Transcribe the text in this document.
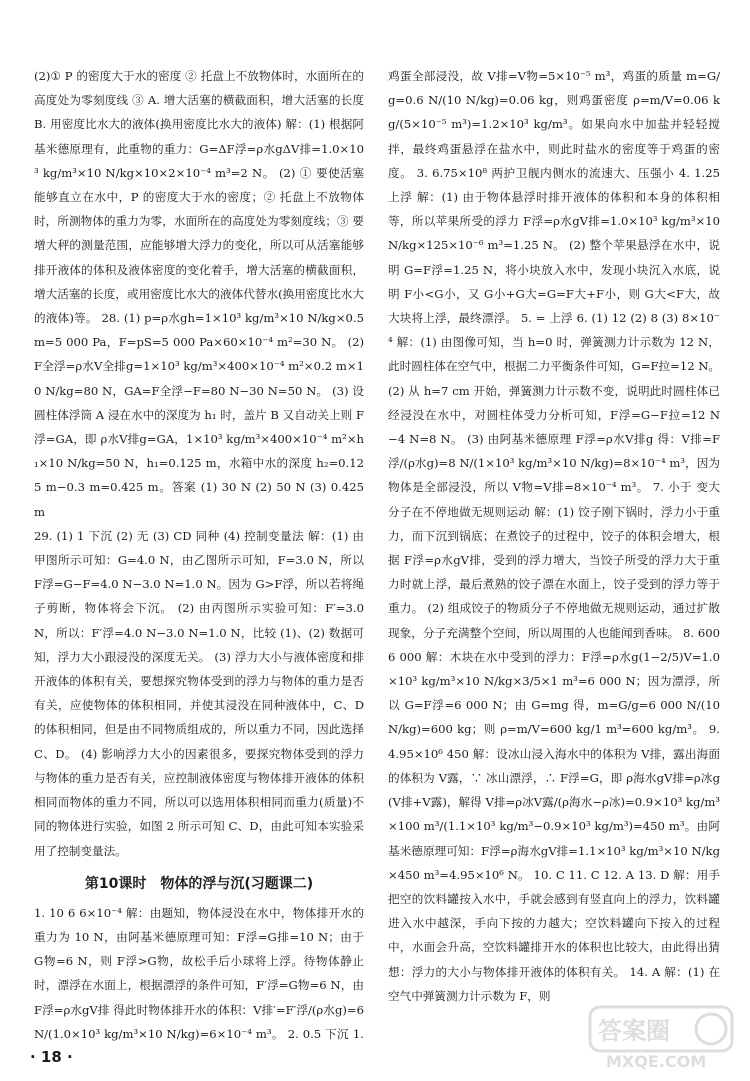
(2)① P 的密度大于水的密度 ② 托盘上不放物体时，水面所在的高度处为零刻度线 ③ A. 增大活塞的横截面积，增大活塞的长度 B. 用密度比水大的液体(换用密度比水大的液体) 解：(1) 根据阿基米德原理有，此重物的重力：G=ΔF浮=ρ水gΔV排=1.0×10³ kg/m³×10 N/kg×10×2×10⁻⁴ m³=2 N。 (2) ① 要使活塞能够直立在水中，P 的密度大于水的密度；② 托盘上不放物体时，所测物体的重力为零，水面所在的高度处为零刻度线；③ 要增大秤的测量范围，应能够增大浮力的变化，所以可从活塞能够排开液体的体积及液体密度的变化着手，增大活塞的横截面积，增大活塞的长度，或用密度比水大的液体代替水(换用密度比水大的液体)等。 28. (1) p=ρ水gh=1×10³ kg/m³×10 N/kg×0.5 m=5 000 Pa，F=pS=5 000 Pa×60×10⁻⁴ m²=30 N。 (2) F全浮=ρ水V全排g=1×10³ kg/m³×400×10⁻⁴ m²×0.2 m×10 N/kg=80 N，GA=F全浮−F=80 N−30 N=50 N。 (3) 设圆柱体浮筒 A 浸在水中的深度为 h₁ 时，盖片 B 又自动关上则 F浮=GA，即 ρ水V排g=GA，1×10³ kg/m³×400×10⁻⁴ m²×h₁×10 N/kg=50 N，h₁=0.125 m，水箱中水的深度 h₂=0.125 m−0.3 m=0.425 m。答案 (1) 30 N (2) 50 N (3) 0.425 m

29. (1) 1 下沉 (2) 无 (3) CD 同种 (4) 控制变量法 解：(1) 由甲图所示可知：G=4.0 N，由乙图所示可知，F=3.0 N，所以 F浮=G−F=4.0 N−3.0 N=1.0 N。因为 G>F浮，所以若将绳子剪断，物体将会下沉。 (2) 由丙图所示实验可知：F′=3.0 N，所以：F′浮=4.0 N−3.0 N=1.0 N，比较 (1)、(2) 数据可知，浮力大小跟浸没的深度无关。 (3) 浮力大小与液体密度和排开液体的体积有关，要想探究物体受到的浮力与物体的重力是否有关，应使物体的体积相同，并使其浸没在同种液体中，C、D 的体积相同，但是由不同物质组成的，所以重力不同，因此选择 C、D。 (4) 影响浮力大小的因素很多，要探究物体受到的浮力与物体的重力是否有关，应控制液体密度与物体排开液体的体积相同而物体的重力不同，所以可以选用体积相同而重力(质量)不同的物体进行实验，如图 2 所示可知 C、D，由此可知本实验采用了控制变量法。

第10课时　物体的浮与沉(习题课二)

1. 10 6 6×10⁻⁴ 解：由题知，物体浸没在水中，物体排开水的重力为 10 N，由阿基米德原理可知：F浮=G排=10 N；由于 G物=6 N，则 F浮>G物，故松手后小球将上浮。待物体静止时，漂浮在水面上，根据漂浮的条件可知，F′浮=G物=6 N，由 F浮=ρ水gV排 得此时物体排开水的体积：V排′=F′浮/(ρ水g)=6 N/(1.0×10³ kg/m³×10 N/kg)=6×10⁻⁴ m³。 2. 0.5 下沉 1.

鸡蛋全部浸没，故 V排=V物=5×10⁻⁵ m³，鸡蛋的质量 m=G/g=0.6 N/(10 N/kg)=0.06 kg，则鸡蛋密度 ρ=m/V=0.06 kg/(5×10⁻⁵ m³)=1.2×10³ kg/m³。如果向水中加盐并轻轻搅拌，最终鸡蛋悬浮在盐水中，则此时盐水的密度等于鸡蛋的密度。 3. 6.75×10⁸ 两护卫舰内侧水的流速大、压强小 4. 1.25 上浮 解：(1) 由于物体悬浮时排开液体的体积和本身的体积相等，所以苹果所受的浮力 F浮=ρ水gV排=1.0×10³ kg/m³×10 N/kg×125×10⁻⁶ m³=1.25 N。 (2) 整个苹果悬浮在水中，说明 G=F浮=1.25 N，将小块放入水中，发现小块沉入水底，说明 F小<G小，又 G小+G大=G=F大+F小，则 G大<F大，故大块将上浮，最终漂浮。 5. = 上浮 6. (1) 12 (2) 8 (3) 8×10⁻⁴ 解：(1) 由图像可知，当 h=0 时，弹簧测力计示数为 12 N，此时圆柱体在空气中，根据二力平衡条件可知，G=F拉=12 N。 (2) 从 h=7 cm 开始，弹簧测力计示数不变，说明此时圆柱体已经浸没在水中，对圆柱体受力分析可知，F浮=G−F拉=12 N−4 N=8 N。 (3) 由阿基米德原理 F浮=ρ水V排g 得：V排=F浮/(ρ水g)=8 N/(1×10³ kg/m³×10 N/kg)=8×10⁻⁴ m³，因为物体是全部浸没，所以 V物=V排=8×10⁻⁴ m³。 7. 小于 变大 分子在不停地做无规则运动 解：(1) 饺子刚下锅时，浮力小于重力，而下沉到锅底；在煮饺子的过程中，饺子的体积会增大，根据 F浮=ρ水gV排，受到的浮力增大，当饺子所受的浮力大于重力时就上浮，最后煮熟的饺子漂在水面上，饺子受到的浮力等于重力。 (2) 组成饺子的物质分子不停地做无规则运动，通过扩散现象，分子充满整个空间，所以周围的人也能闻到香味。 8. 600 6 000 解：木块在水中受到的浮力：F浮=ρ水g(1−2/5)V=1.0×10³ kg/m³×10 N/kg×3/5×1 m³=6 000 N；因为漂浮，所以 G=F浮=6 000 N；由 G=mg 得，m=G/g=6 000 N/(10 N/kg)=600 kg；则 ρ=m/V=600 kg/1 m³=600 kg/m³。 9. 4.95×10⁶ 450 解：设冰山浸入海水中的体积为 V排，露出海面的体积为 V露，∵ 冰山漂浮，∴ F浮=G，即 ρ海水gV排=ρ冰g(V排+V露)，解得 V排=ρ冰V露/(ρ海水−ρ冰)=0.9×10³ kg/m³×100 m³/(1.1×10³ kg/m³−0.9×10³ kg/m³)=450 m³。由阿基米德原理可知：F浮=ρ海水gV排=1.1×10³ kg/m³×10 N/kg×450 m³=4.95×10⁶ N。 10. C 11. C 12. A 13. D 解：用手把空的饮料罐按入水中，手就会感到有竖直向上的浮力，饮料罐进入水中越深，手向下按的力越大；空饮料罐向下按入的过程中，水面会升高，空饮料罐排开水的体积也比较大，由此得出猜想：浮力的大小与物体排开液体的体积有关。 14. A 解：(1) 在空气中弹簧测力计示数为 F，则

· 18 ·
答案圈
MXQE.COM
